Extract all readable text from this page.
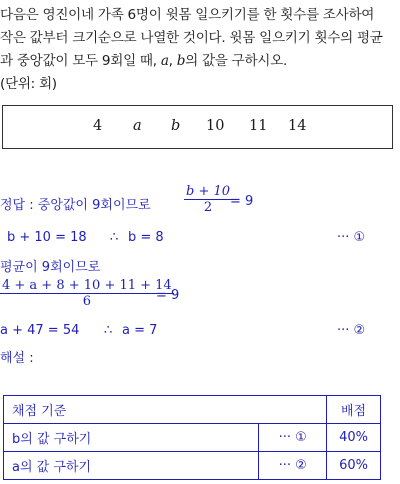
다음은 영진이네 가족 6명이 윗몸 일으키기를 한 횟수를 조사하여
작은 값부터 크기순으로 나열한 것이다. 윗몸 일으키기 횟수의 평균
과 중앙값이 모두 9회일 때, a, b의 값을 구하시오.
(단위: 회)
4 a b 10 11 14
정답 : 중앙값이 9회이므로
b + 10
2	= 9
b + 10 = 18 ∴ b = 8	··· ①
평균이 9회이므로
4 + a + 8 + 10 + 11 + 14
6	= 9
a + 47 = 54 ∴ a = 7	··· ②
해설 :
채점 기준		배점
b의 값 구하기	··· ①	40%
a의 값 구하기	··· ②	60%
